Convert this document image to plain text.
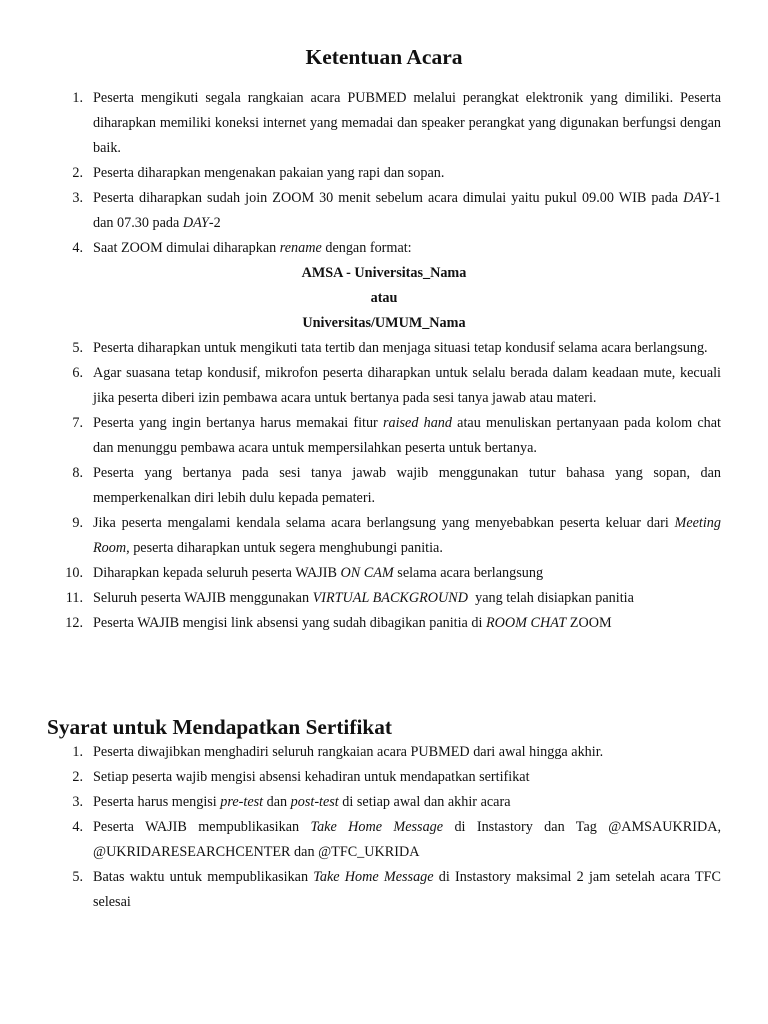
Ketentuan Acara
1. Peserta mengikuti segala rangkaian acara PUBMED melalui perangkat elektronik yang dimiliki. Peserta diharapkan memiliki koneksi internet yang memadai dan speaker perangkat yang digunakan berfungsi dengan baik.
2. Peserta diharapkan mengenakan pakaian yang rapi dan sopan.
3. Peserta diharapkan sudah join ZOOM 30 menit sebelum acara dimulai yaitu pukul 09.00 WIB pada DAY-1 dan 07.30 pada DAY-2
4. Saat ZOOM dimulai diharapkan rename dengan format:
AMSA - Universitas_Nama
atau
Universitas/UMUM_Nama
5. Peserta diharapkan untuk mengikuti tata tertib dan menjaga situasi tetap kondusif selama acara berlangsung.
6. Agar suasana tetap kondusif, mikrofon peserta diharapkan untuk selalu berada dalam keadaan mute, kecuali jika peserta diberi izin pembawa acara untuk bertanya pada sesi tanya jawab atau materi.
7. Peserta yang ingin bertanya harus memakai fitur raised hand atau menuliskan pertanyaan pada kolom chat dan menunggu pembawa acara untuk mempersilahkan peserta untuk bertanya.
8. Peserta yang bertanya pada sesi tanya jawab wajib menggunakan tutur bahasa yang sopan, dan memperkenalkan diri lebih dulu kepada pemateri.
9. Jika peserta mengalami kendala selama acara berlangsung yang menyebabkan peserta keluar dari Meeting Room, peserta diharapkan untuk segera menghubungi panitia.
10. Diharapkan kepada seluruh peserta WAJIB ON CAM selama acara berlangsung
11. Seluruh peserta WAJIB menggunakan VIRTUAL BACKGROUND  yang telah disiapkan panitia
12. Peserta WAJIB mengisi link absensi yang sudah dibagikan panitia di ROOM CHAT ZOOM
Syarat untuk Mendapatkan Sertifikat
1. Peserta diwajibkan menghadiri seluruh rangkaian acara PUBMED dari awal hingga akhir.
2. Setiap peserta wajib mengisi absensi kehadiran untuk mendapatkan sertifikat
3. Peserta harus mengisi pre-test dan post-test di setiap awal dan akhir acara
4. Peserta WAJIB mempublikasikan Take Home Message di Instastory dan Tag @AMSAUKRIDA, @UKRIDARESEARCHCENTER dan @TFC_UKRIDA
5. Batas waktu untuk mempublikasikan Take Home Message di Instastory maksimal 2 jam setelah acara TFC selesai
